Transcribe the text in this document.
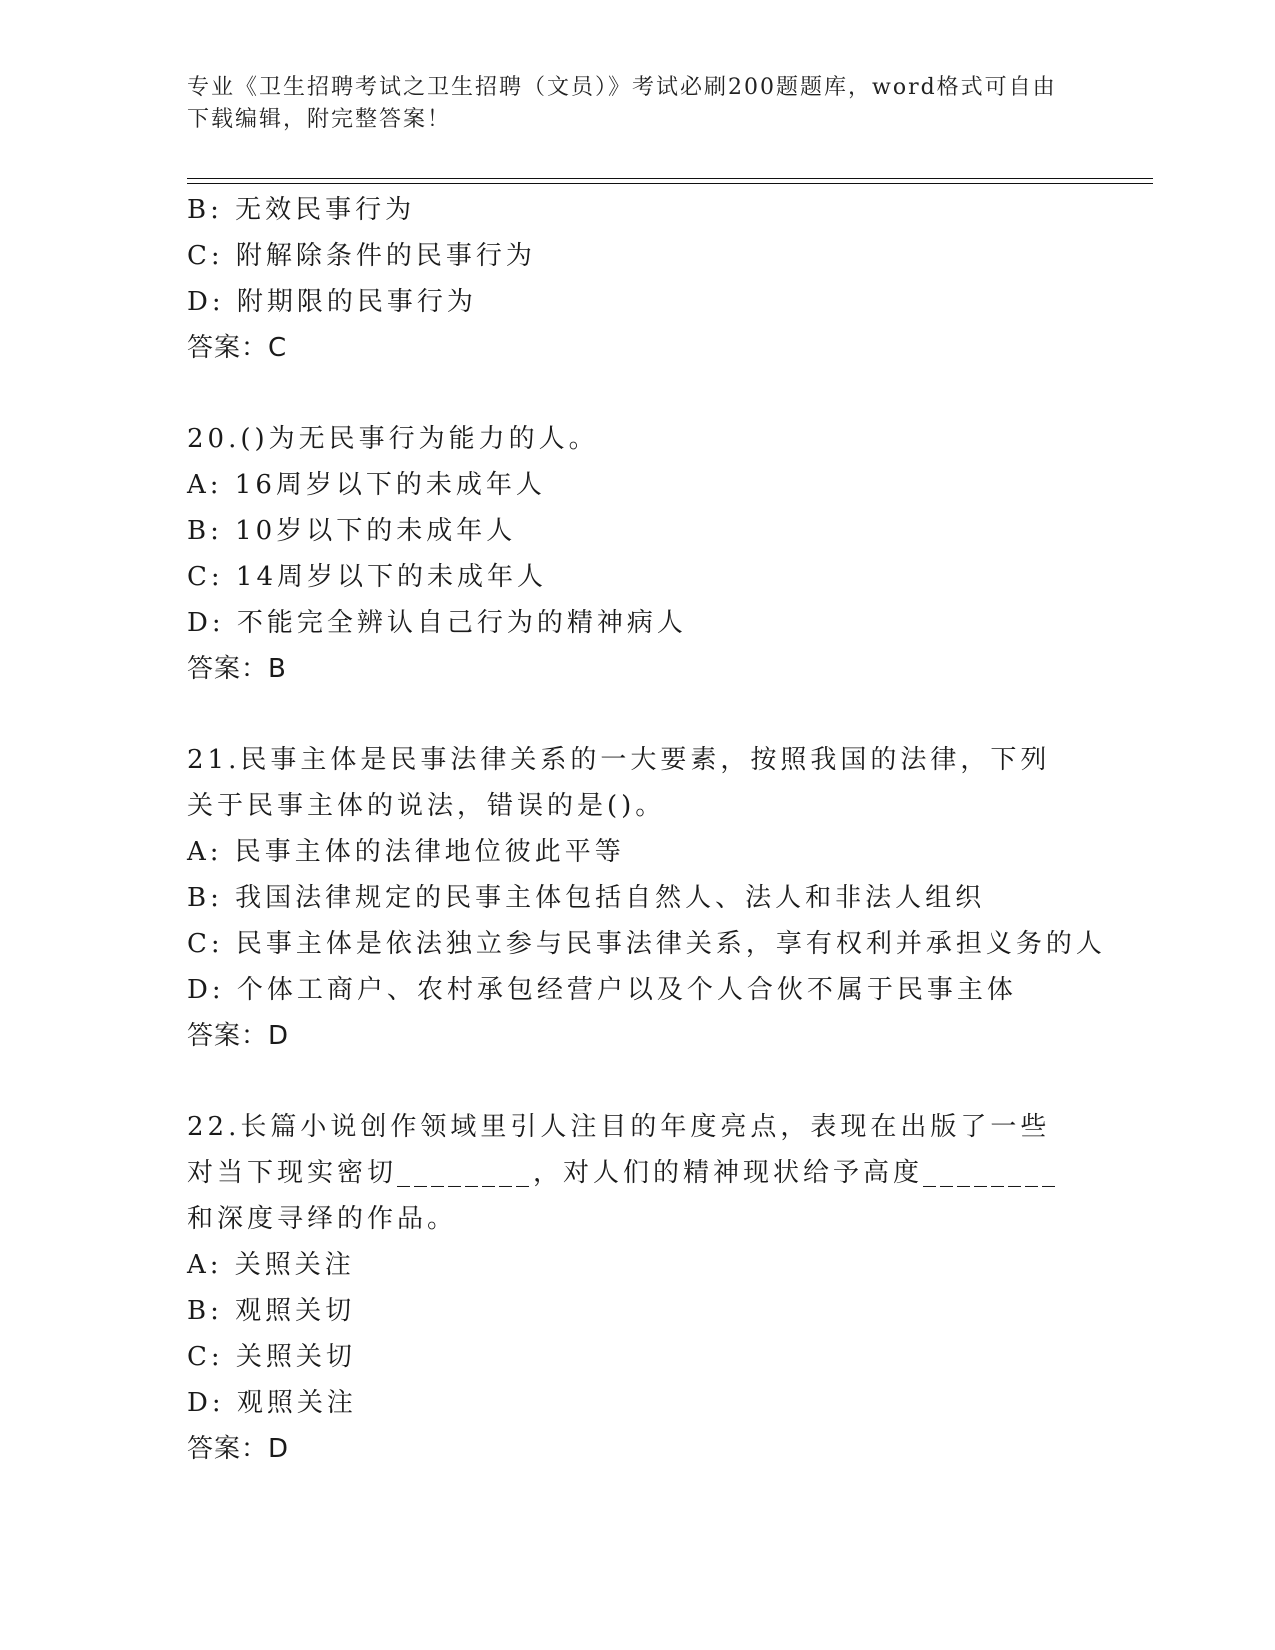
专业《卫生招聘考试之卫生招聘（文员）》考试必刷200题题库，word格式可自由下载编辑，附完整答案！
B: 无效民事行为
C: 附解除条件的民事行为
D: 附期限的民事行为
答案：C
20.()为无民事行为能力的人。
A: 16周岁以下的未成年人
B: 10岁以下的未成年人
C: 14周岁以下的未成年人
D: 不能完全辨认自己行为的精神病人
答案：B
21.民事主体是民事法律关系的一大要素，按照我国的法律，下列关于民事主体的说法，错误的是()。
A: 民事主体的法律地位彼此平等
B: 我国法律规定的民事主体包括自然人、法人和非法人组织
C: 民事主体是依法独立参与民事法律关系，享有权利并承担义务的人
D: 个体工商户、农村承包经营户以及个人合伙不属于民事主体
答案：D
22.长篇小说创作领域里引人注目的年度亮点，表现在出版了一些对当下现实密切________，对人们的精神现状给予高度________和深度寻绎的作品。
A: 关照关注
B: 观照关切
C: 关照关切
D: 观照关注
答案：D
